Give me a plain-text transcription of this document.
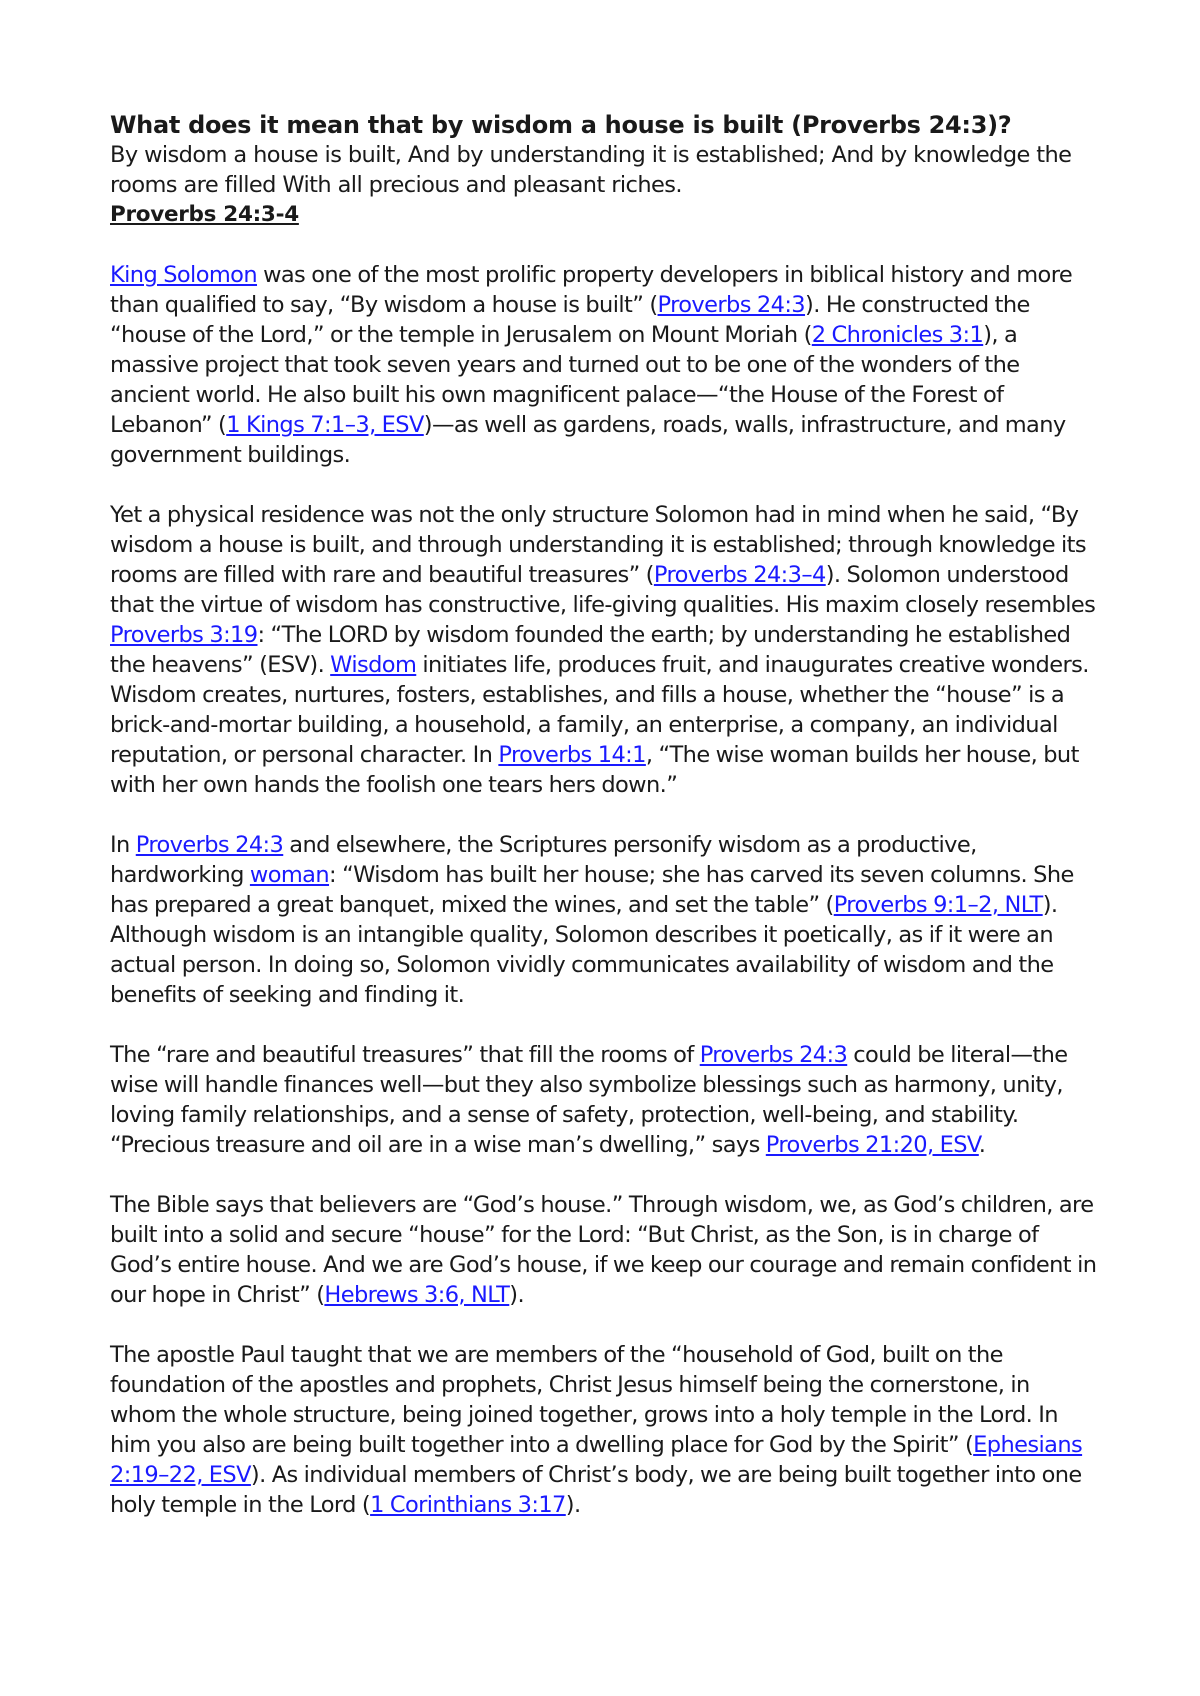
What does it mean that by wisdom a house is built (Proverbs 24:3)?

By wisdom a house is built, And by understanding it is established; And by knowledge the rooms are filled With all precious and pleasant riches.

Proverbs 24:3-4

King Solomon was one of the most prolific property developers in biblical history and more than qualified to say, “By wisdom a house is built” (Proverbs 24:3). He constructed the “house of the Lord,” or the temple in Jerusalem on Mount Moriah (2 Chronicles 3:1), a massive project that took seven years and turned out to be one of the wonders of the ancient world. He also built his own magnificent palace—“the House of the Forest of Lebanon” (1 Kings 7:1–3, ESV)—as well as gardens, roads, walls, infrastructure, and many government buildings.

Yet a physical residence was not the only structure Solomon had in mind when he said, “By wisdom a house is built, and through understanding it is established; through knowledge its rooms are filled with rare and beautiful treasures” (Proverbs 24:3–4). Solomon understood that the virtue of wisdom has constructive, life-giving qualities. His maxim closely resembles Proverbs 3:19: “The LORD by wisdom founded the earth; by understanding he established the heavens” (ESV). Wisdom initiates life, produces fruit, and inaugurates creative wonders. Wisdom creates, nurtures, fosters, establishes, and fills a house, whether the “house” is a brick-and-mortar building, a household, a family, an enterprise, a company, an individual reputation, or personal character. In Proverbs 14:1, “The wise woman builds her house, but with her own hands the foolish one tears hers down.”

In Proverbs 24:3 and elsewhere, the Scriptures personify wisdom as a productive, hardworking woman: “Wisdom has built her house; she has carved its seven columns. She has prepared a great banquet, mixed the wines, and set the table” (Proverbs 9:1–2, NLT). Although wisdom is an intangible quality, Solomon describes it poetically, as if it were an actual person. In doing so, Solomon vividly communicates availability of wisdom and the benefits of seeking and finding it.

The “rare and beautiful treasures” that fill the rooms of Proverbs 24:3 could be literal—the wise will handle finances well—but they also symbolize blessings such as harmony, unity, loving family relationships, and a sense of safety, protection, well-being, and stability. “Precious treasure and oil are in a wise man’s dwelling,” says Proverbs 21:20, ESV.

The Bible says that believers are “God’s house.” Through wisdom, we, as God’s children, are built into a solid and secure “house” for the Lord: “But Christ, as the Son, is in charge of God’s entire house. And we are God’s house, if we keep our courage and remain confident in our hope in Christ” (Hebrews 3:6, NLT).

The apostle Paul taught that we are members of the “household of God, built on the foundation of the apostles and prophets, Christ Jesus himself being the cornerstone, in whom the whole structure, being joined together, grows into a holy temple in the Lord. In him you also are being built together into a dwelling place for God by the Spirit” (Ephesians 2:19–22, ESV). As individual members of Christ’s body, we are being built together into one holy temple in the Lord (1 Corinthians 3:17).
